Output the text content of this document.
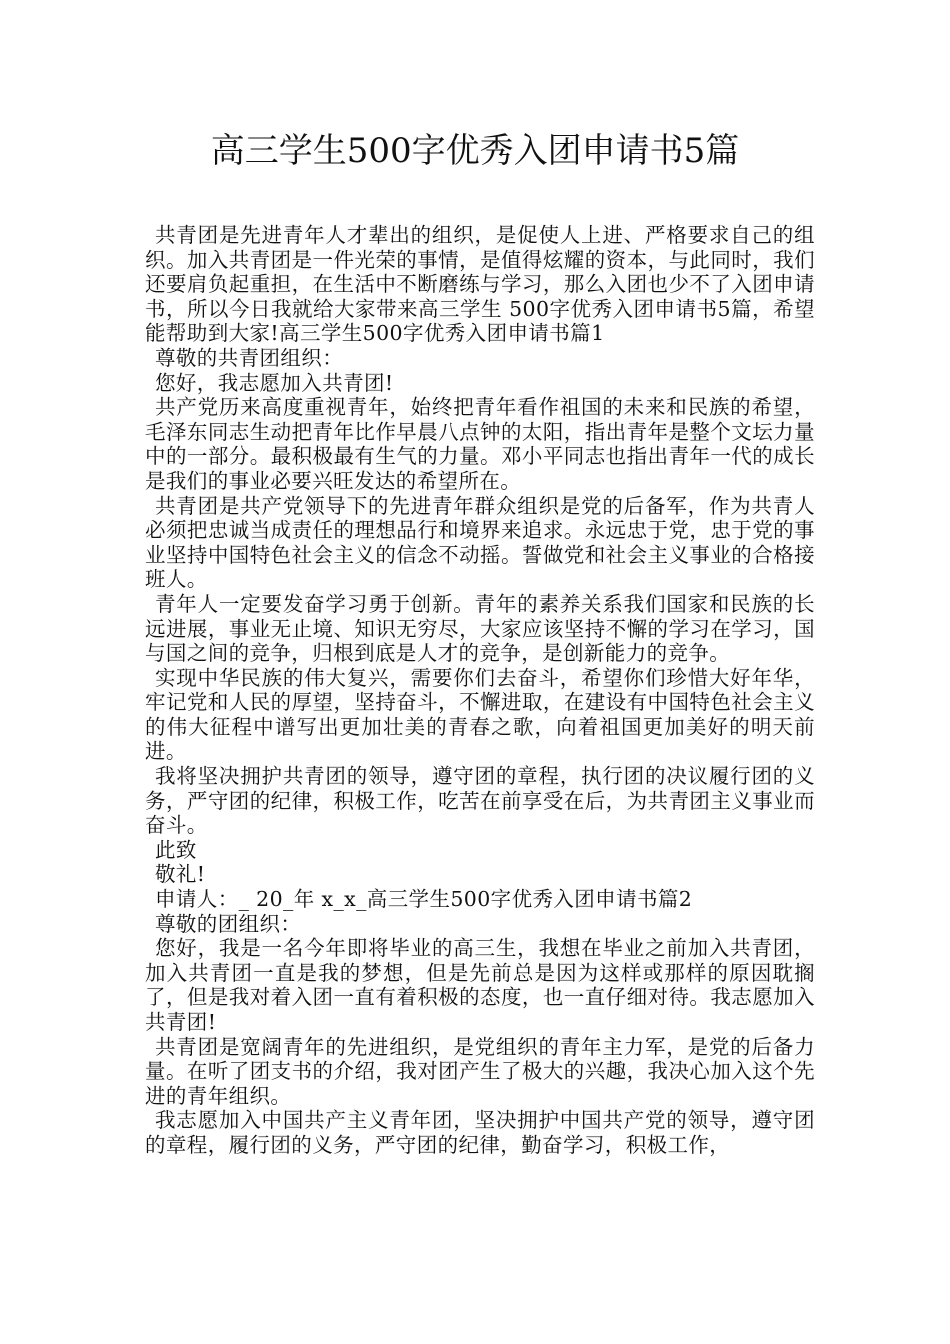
高三学生500字优秀入团申请书5篇

共青团是先进青年人才辈出的组织，是促使人上进、严格要求自己的组织。加入共青团是一件光荣的事情，是值得炫耀的资本，与此同时，我们还要肩负起重担，在生活中不断磨练与学习，那么入团也少不了入团申请书，所以今日我就给大家带来高三学生 500字优秀入团申请书5篇，希望能帮助到大家!高三学生500字优秀入团申请书篇1

尊敬的共青团组织：

您好，我志愿加入共青团!

共产党历来高度重视青年，始终把青年看作祖国的未来和民族的希望，毛泽东同志生动把青年比作早晨八点钟的太阳，指出青年是整个文坛力量中的一部分。最积极最有生气的力量。邓小平同志也指出青年一代的成长是我们的事业必要兴旺发达的希望所在。

共青团是共产党领导下的先进青年群众组织是党的后备军，作为共青人必须把忠诚当成责任的理想品行和境界来追求。永远忠于党，忠于党的事业坚持中国特色社会主义的信念不动摇。誓做党和社会主义事业的合格接班人。

青年人一定要发奋学习勇于创新。青年的素养关系我们国家和民族的长远进展，事业无止境、知识无穷尽，大家应该坚持不懈的学习在学习，国与国之间的竞争，归根到底是人才的竞争，是创新能力的竞争。

实现中华民族的伟大复兴，需要你们去奋斗，希望你们珍惜大好年华，牢记党和人民的厚望，坚持奋斗，不懈进取，在建设有中国特色社会主义的伟大征程中谱写出更加壮美的青春之歌，向着祖国更加美好的明天前进。

我将坚决拥护共青团的领导，遵守团的章程，执行团的决议履行团的义务，严守团的纪律，积极工作，吃苦在前享受在后，为共青团主义事业而奋斗。

此致

敬礼!

申请人：_ 20_年 x_x_高三学生500字优秀入团申请书篇2

尊敬的团组织：

您好，我是一名今年即将毕业的高三生，我想在毕业之前加入共青团，加入共青团一直是我的梦想，但是先前总是因为这样或那样的原因耽搁了，但是我对着入团一直有着积极的态度，也一直仔细对待。我志愿加入共青团!

共青团是宽阔青年的先进组织，是党组织的青年主力军，是党的后备力量。在听了团支书的介绍，我对团产生了极大的兴趣，我决心加入这个先进的青年组织。

我志愿加入中国共产主义青年团，坚决拥护中国共产党的领导，遵守团的章程，履行团的义务，严守团的纪律，勤奋学习，积极工作，
